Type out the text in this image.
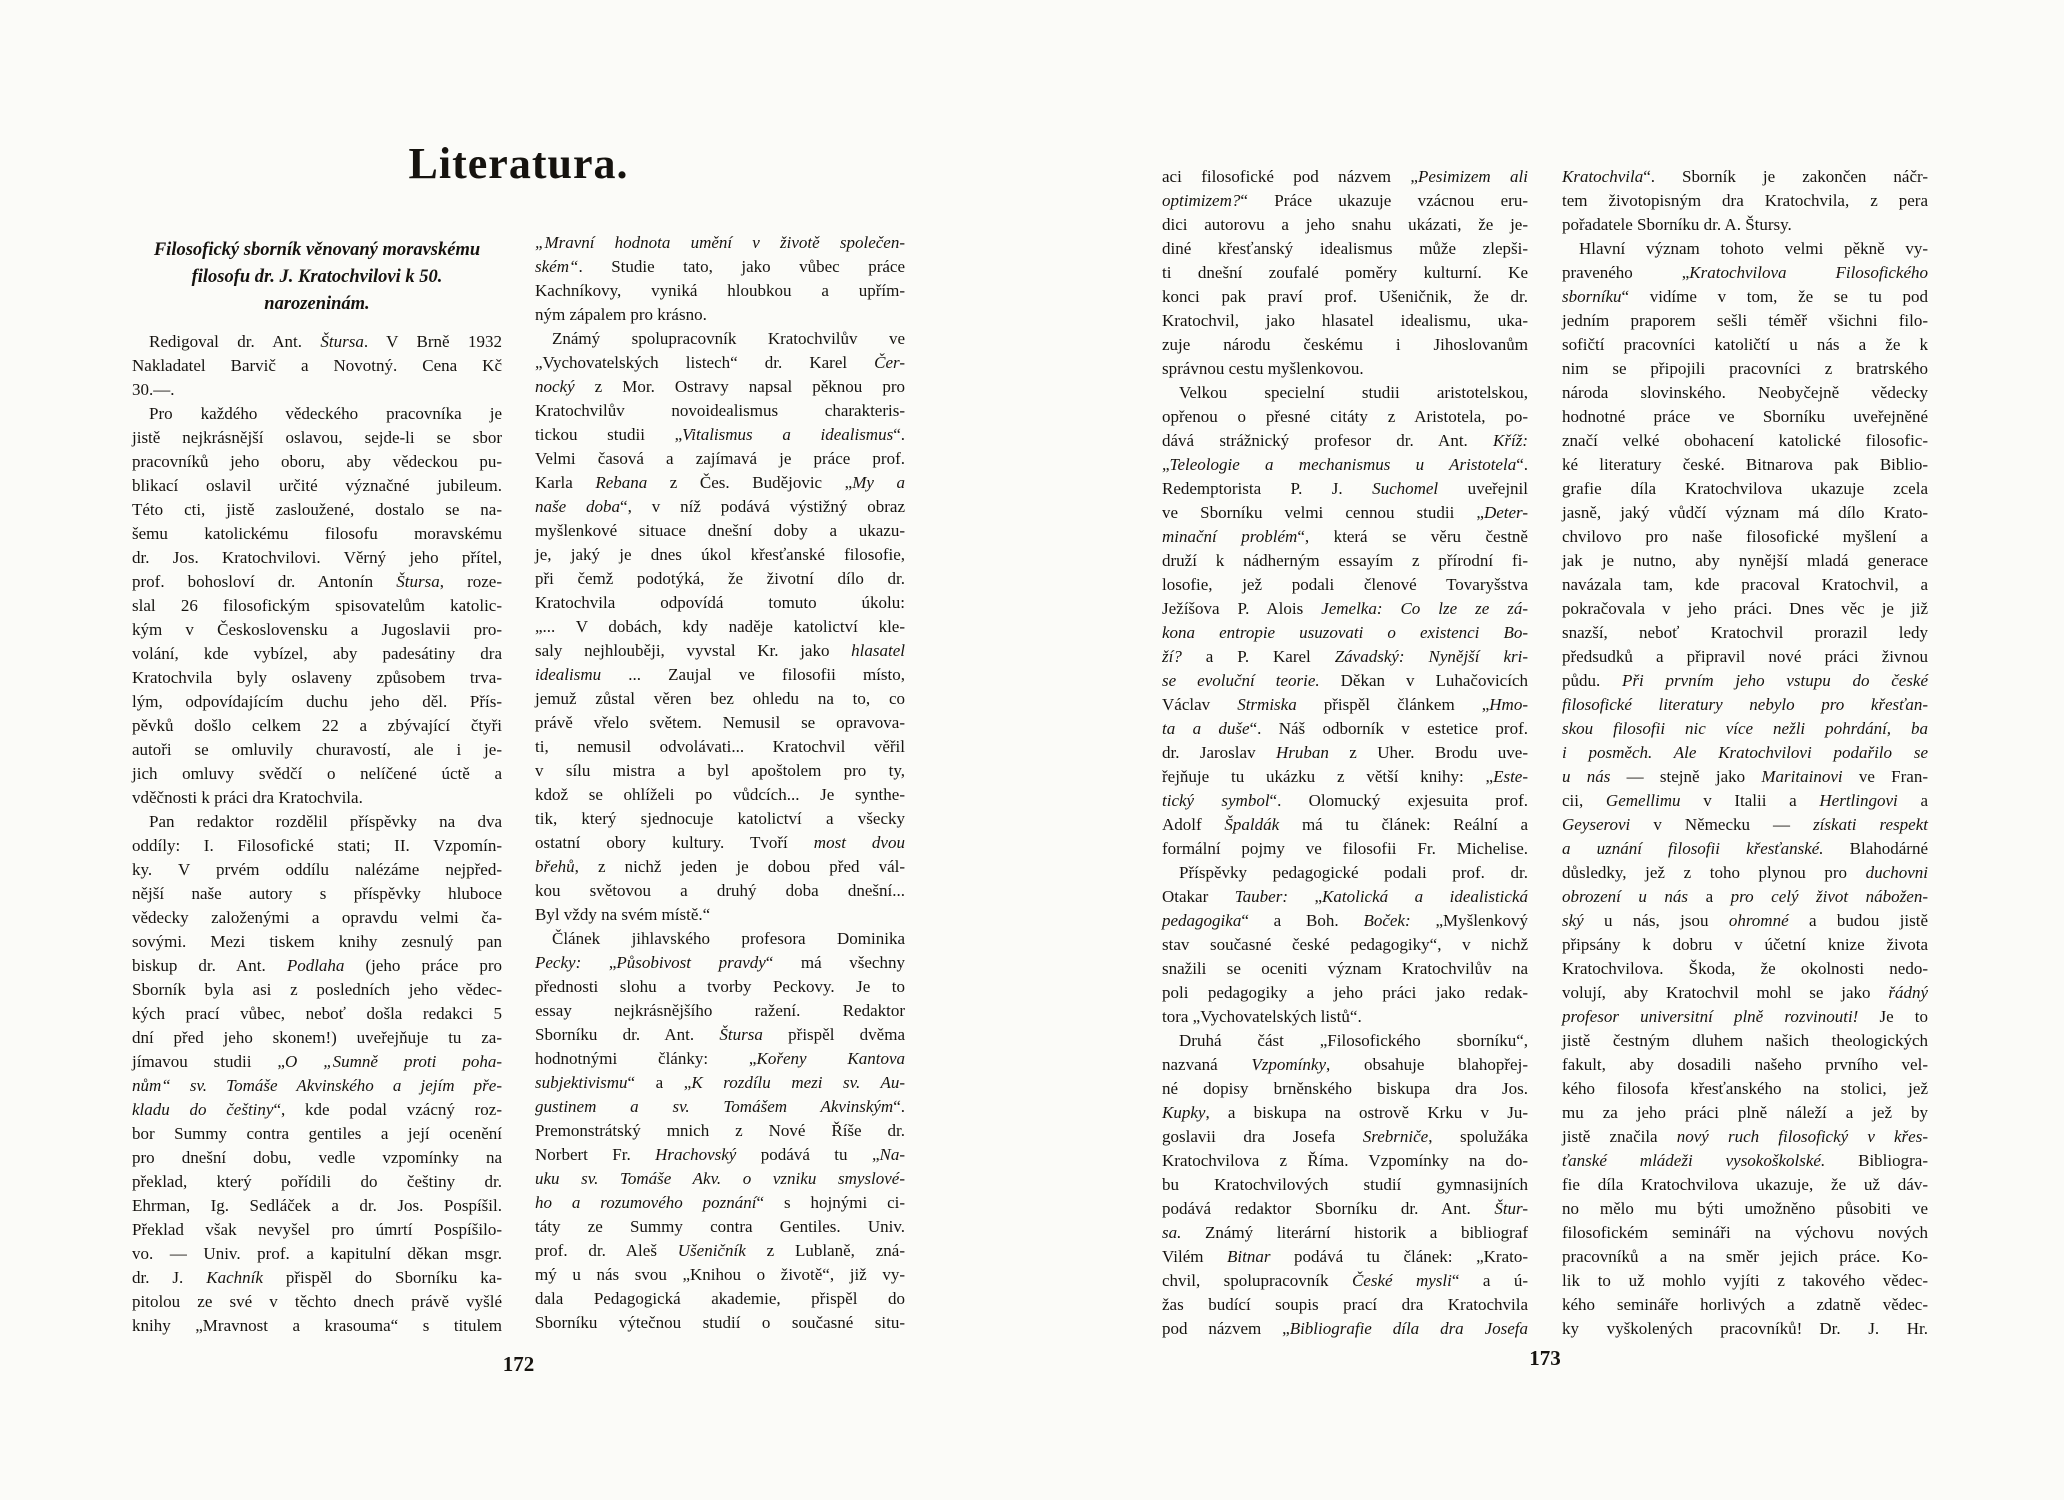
Literatura.
Filosofický sborník věnovaný moravskému
filosofu dr. J. Kratochvilovi k 50.
narozeninám.
 Redigoval dr. Ant. Štursa. V Brně 1932
Nakladatel Barvič a Novotný. Cena Kč
30.—.
 Pro každého vědeckého pracovníka je
jistě nejkrásnější oslavou, sejde-li se sbor
pracovníků jeho oboru, aby vědeckou pu-
blikací oslavil určité význačné jubileum.
Této cti, jistě zasloužené, dostalo se na-
šemu katolickému filosofu moravskému
dr. Jos. Kratochvilovi. Věrný jeho přítel,
prof. bohosloví dr. Antonín Štursa, roze-
slal 26 filosofickým spisovatelům katolic-
kým v Československu a Jugoslavii pro-
volání, kde vybízel, aby padesátiny dra
Kratochvila byly oslaveny způsobem trva-
lým, odpovídajícím duchu jeho děl. Přís-
pěvků došlo celkem 22 a zbývající čtyři
autoři se omluvily churavostí, ale i je-
jich omluvy svědčí o nelíčené úctě a
vděčnosti k práci dra Kratochvila.
 Pan redaktor rozdělil příspěvky na dva
oddíly: I. Filosofické stati; II. Vzpomín-
ky. V prvém oddílu nalézáme nejpřed-
nější naše autory s příspěvky hluboce
vědecky založenými a opravdu velmi ča-
sovými. Mezi tiskem knihy zesnulý pan
biskup dr. Ant. Podlaha (jeho práce pro
Sborník byla asi z posledních jeho vědec-
kých prací vůbec, neboť došla redakci 5
dní před jeho skonem!) uveřejňuje tu za-
jímavou studii „O „Sumně proti poha-
nům“ sv. Tomáše Akvinského a jejím pře-
kladu do češtiny“, kde podal vzácný roz-
bor Summy contra gentiles a její ocenění
pro dnešní dobu, vedle vzpomínky na
překlad, který pořídili do češtiny dr.
Ehrman, Ig. Sedláček a dr. Jos. Pospíšil.
Překlad však nevyšel pro úmrtí Pospíšilo-
vo. — Univ. prof. a kapitulní děkan msgr.
dr. J. Kachník přispěl do Sborníku ka-
pitolou ze své v těchto dnech právě vyšlé
knihy „Mravnost a krasouma“ s titulem
„Mravní hodnota umění v životě společen-
ském“. Studie tato, jako vůbec práce
Kachníkovy, vyniká hloubkou a upřím-
ným zápalem pro krásno.
 Známý spolupracovník Kratochvilův ve
„Vychovatelských listech“ dr. Karel Čer-
nocký z Mor. Ostravy napsal pěknou pro
Kratochvilův novoidealismus charakteris-
tickou studii „Vitalismus a idealismus“.
Velmi časová a zajímavá je práce prof.
Karla Rebana z Čes. Budějovic „My a
naše doba“, v níž podává výstižný obraz
myšlenkové situace dnešní doby a ukazu-
je, jaký je dnes úkol křesťanské filosofie,
při čemž podotýká, že životní dílo dr.
Kratochvila odpovídá tomuto úkolu:
„... V dobách, kdy naděje katolictví kle-
saly nejhlouběji, vyvstal Kr. jako hlasatel
idealismu ... Zaujal ve filosofii místo,
jemuž zůstal věren bez ohledu na to, co
právě vřelo světem. Nemusil se opravova-
ti, nemusil odvolávati... Kratochvil věřil
v sílu mistra a byl apoštolem pro ty,
kdož se ohlíželi po vůdcích... Je synthe-
tik, který sjednocuje katolictví a všecky
ostatní obory kultury. Tvoří most dvou
břehů, z nichž jeden je dobou před vál-
kou světovou a druhý doba dnešní...
Byl vždy na svém místě.“
 Článek jihlavského profesora Dominika
Pecky: „Působivost pravdy“ má všechny
přednosti slohu a tvorby Peckovy. Je to
essay nejkrásnějšího ražení. Redaktor
Sborníku dr. Ant. Štursa přispěl dvěma
hodnotnými články: „Kořeny Kantova
subjektivismu“ a „K rozdílu mezi sv. Au-
gustinem a sv. Tomášem Akvinským“.
Premonstrátský mnich z Nové Říše dr.
Norbert Fr. Hrachovský podává tu „Na-
uku sv. Tomáše Akv. o vzniku smyslové-
ho a rozumového poznání“ s hojnými ci-
táty ze Summy contra Gentiles. Univ.
prof. dr. Aleš Ušeničník z Lublaně, zná-
mý u nás svou „Knihou o životě“, již vy-
dala Pedagogická akademie, přispěl do
Sborníku výtečnou studií o současné situ-
172
aci filosofické pod názvem „Pesimizem ali
optimizem?“ Práce ukazuje vzácnou eru-
dici autorovu a jeho snahu ukázati, že je-
diné křesťanský idealismus může zlepši-
ti dnešní zoufalé poměry kulturní. Ke
konci pak praví prof. Ušeničnik, že dr.
Kratochvil, jako hlasatel idealismu, uka-
zuje národu českému i Jihoslovanům
správnou cestu myšlenkovou.
 Velkou specielní studii aristotelskou,
opřenou o přesné citáty z Aristotela, po-
dává strážnický profesor dr. Ant. Kříž:
„Teleologie a mechanismus u Aristotela“.
Redemptorista P. J. Suchomel uveřejnil
ve Sborníku velmi cennou studii „Deter-
minační problém“, která se věru čestně
druží k nádherným essayím z přírodní fi-
losofie, jež podali členové Tovaryšstva
Ježíšova P. Alois Jemelka: Co lze ze zá-
kona entropie usuzovati o existenci Bo-
ží? a P. Karel Závadský: Nynější kri-
se evoluční teorie. Děkan v Luhačovicích
Václav Strmiska přispěl článkem „Hmo-
ta a duše“. Náš odborník v estetice prof.
dr. Jaroslav Hruban z Uher. Brodu uve-
řejňuje tu ukázku z větší knihy: „Este-
tický symbol“. Olomucký exjesuita prof.
Adolf Špaldák má tu článek: Reální a
formální pojmy ve filosofii Fr. Michelise.
 Příspěvky pedagogické podali prof. dr.
Otakar Tauber: „Katolická a idealistická
pedagogika“ a Boh. Boček: „Myšlenkový
stav současné české pedagogiky“, v nichž
snažili se oceniti význam Kratochvilův na
poli pedagogiky a jeho práci jako redak-
tora „Vychovatelských listů“.
 Druhá část „Filosofického sborníku“,
nazvaná Vzpomínky, obsahuje blahopřej-
né dopisy brněnského biskupa dra Jos.
Kupky, a biskupa na ostrově Krku v Ju-
goslavii dra Josefa Srebrniče, spolužáka
Kratochvilova z Říma. Vzpomínky na do-
bu Kratochvilových studií gymnasijních
podává redaktor Sborníku dr. Ant. Štur-
sa. Známý literární historik a bibliograf
Vilém Bitnar podává tu článek: „Krato-
chvil, spolupracovník České mysli“ a ú-
žas budící soupis prací dra Kratochvila
pod názvem „Bibliografie díla dra Josefa
Kratochvila“. Sborník je zakončen náčr-
tem životopisným dra Kratochvila, z pera
pořadatele Sborníku dr. A. Štursy.
 Hlavní význam tohoto velmi pěkně vy-
praveného „Kratochvilova Filosofického
sborníku“ vidíme v tom, že se tu pod
jedním praporem sešli téměř všichni filo-
sofičtí pracovníci katoličtí u nás a že k
nim se připojili pracovníci z bratrského
národa slovinského. Neobyčejně vědecky
hodnotné práce ve Sborníku uveřejněné
značí velké obohacení katolické filosofic-
ké literatury české. Bitnarova pak Biblio-
grafie díla Kratochvilova ukazuje zcela
jasně, jaký vůdčí význam má dílo Krato-
chvilovo pro naše filosofické myšlení a
jak je nutno, aby nynější mladá generace
navázala tam, kde pracoval Kratochvil, a
pokračovala v jeho práci. Dnes věc je již
snazší, neboť Kratochvil prorazil ledy
předsudků a připravil nové práci živnou
půdu. Při prvním jeho vstupu do české
filosofické literatury nebylo pro křesťan-
skou filosofii nic více nežli pohrdání, ba
i posměch. Ale Kratochvilovi podařilo se
u nás — stejně jako Maritainovi ve Fran-
cii, Gemellimu v Italii a Hertlingovi a
Geyserovi v Německu — získati respekt
a uznání filosofii křesťanské. Blahodárné
důsledky, jež z toho plynou pro duchovni
obrození u nás a pro celý život nábožen-
ský u nás, jsou ohromné a budou jistě
připsány k dobru v účetní knize života
Kratochvilova. Škoda, že okolnosti nedo-
volují, aby Kratochvil mohl se jako řádný
profesor universitní plně rozvinouti! Je to
jistě čestným dluhem našich theologických
fakult, aby dosadili našeho prvního vel-
kého filosofa křesťanského na stolici, jež
mu za jeho práci plně náleží a jež by
jistě značila nový ruch filosofický v křes-
ťanské mládeži vysokoškolské. Bibliogra-
fie díla Kratochvilova ukazuje, že už dáv-
no mělo mu býti umožněno působiti ve
filosofickém semináři na výchovu nových
pracovníků a na směr jejich práce. Ko-
lik to už mohlo vyjíti z takového vědec-
kého semináře horlivých a zdatně vědec-
ky vyškolených pracovníků!  Dr. J. Hr.
173
